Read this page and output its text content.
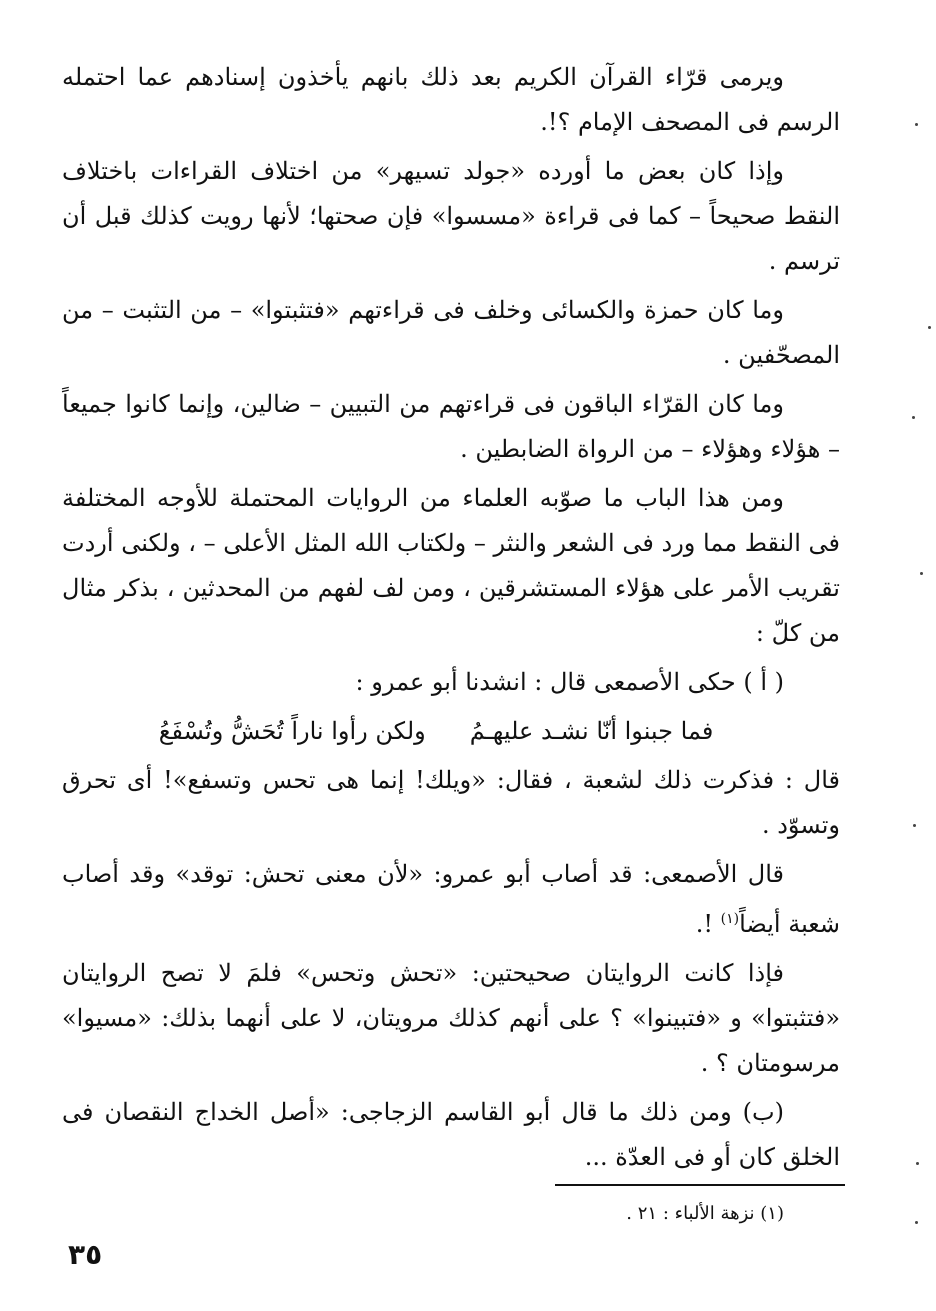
ويرمى قرّاء القرآن الكريم بعد ذلك بانهم يأخذون إسنادهم عما احتمله الرسم فى المصحف الإمام ؟!.

وإذا كان بعض ما أورده «جولد تسيهر» من اختلاف القراءات باختلاف النقط صحيحاً – كما فى قراءة «مسسوا» فإن صحتها؛ لأنها رويت كذلك قبل أن ترسم .

وما كان حمزة والكسائى وخلف فى قراءتهم «فتثبتوا» – من التثبت – من المصحّفين .

وما كان القرّاء الباقون فى قراءتهم من التبيين – ضالين، وإنما كانوا جميعاً – هؤلاء وهؤلاء – من الرواة الضابطين .

ومن هذا الباب ما صوّبه العلماء من الروايات المحتملة للأوجه المختلفة فى النقط مما ورد فى الشعر والنثر – ولكتاب الله المثل الأعلى – ، ولكنى أردت تقريب الأمر على هؤلاء المستشرقين ، ومن لف لفهم من المحدثين ، بذكر مثال من كلّ :

( أ ) حكى الأصمعى قال : انشدنا أبو عمرو :

فما جبنوا أنّا نشـد عليهـمُ
ولكن رأوا ناراً تُحَشُّ وتُسْفَعُ

قال : فذكرت ذلك لشعبة ، فقال: «ويلك! إنما هى تحس وتسفع»! أى تحرق وتسوّد .

قال الأصمعى: قد أصاب أبو عمرو: «لأن معنى تحش: توقد» وقد أصاب شعبة أيضاً$^{(١)}$ !.

فإذا كانت الروايتان صحيحتين: «تحش وتحس» فلمَ لا تصح الروايتان «فتثبتوا» و «فتبينوا» ؟ على أنهم كذلك مرويتان، لا على أنهما بذلك: «مسيوا» مرسومتان ؟ .

(ب) ومن ذلك ما قال أبو القاسم الزجاجى: «أصل الخداج النقصان فى الخلق كان أو فى العدّة ...

(١) نزهة الألباء : ٢١ .
٣٥
